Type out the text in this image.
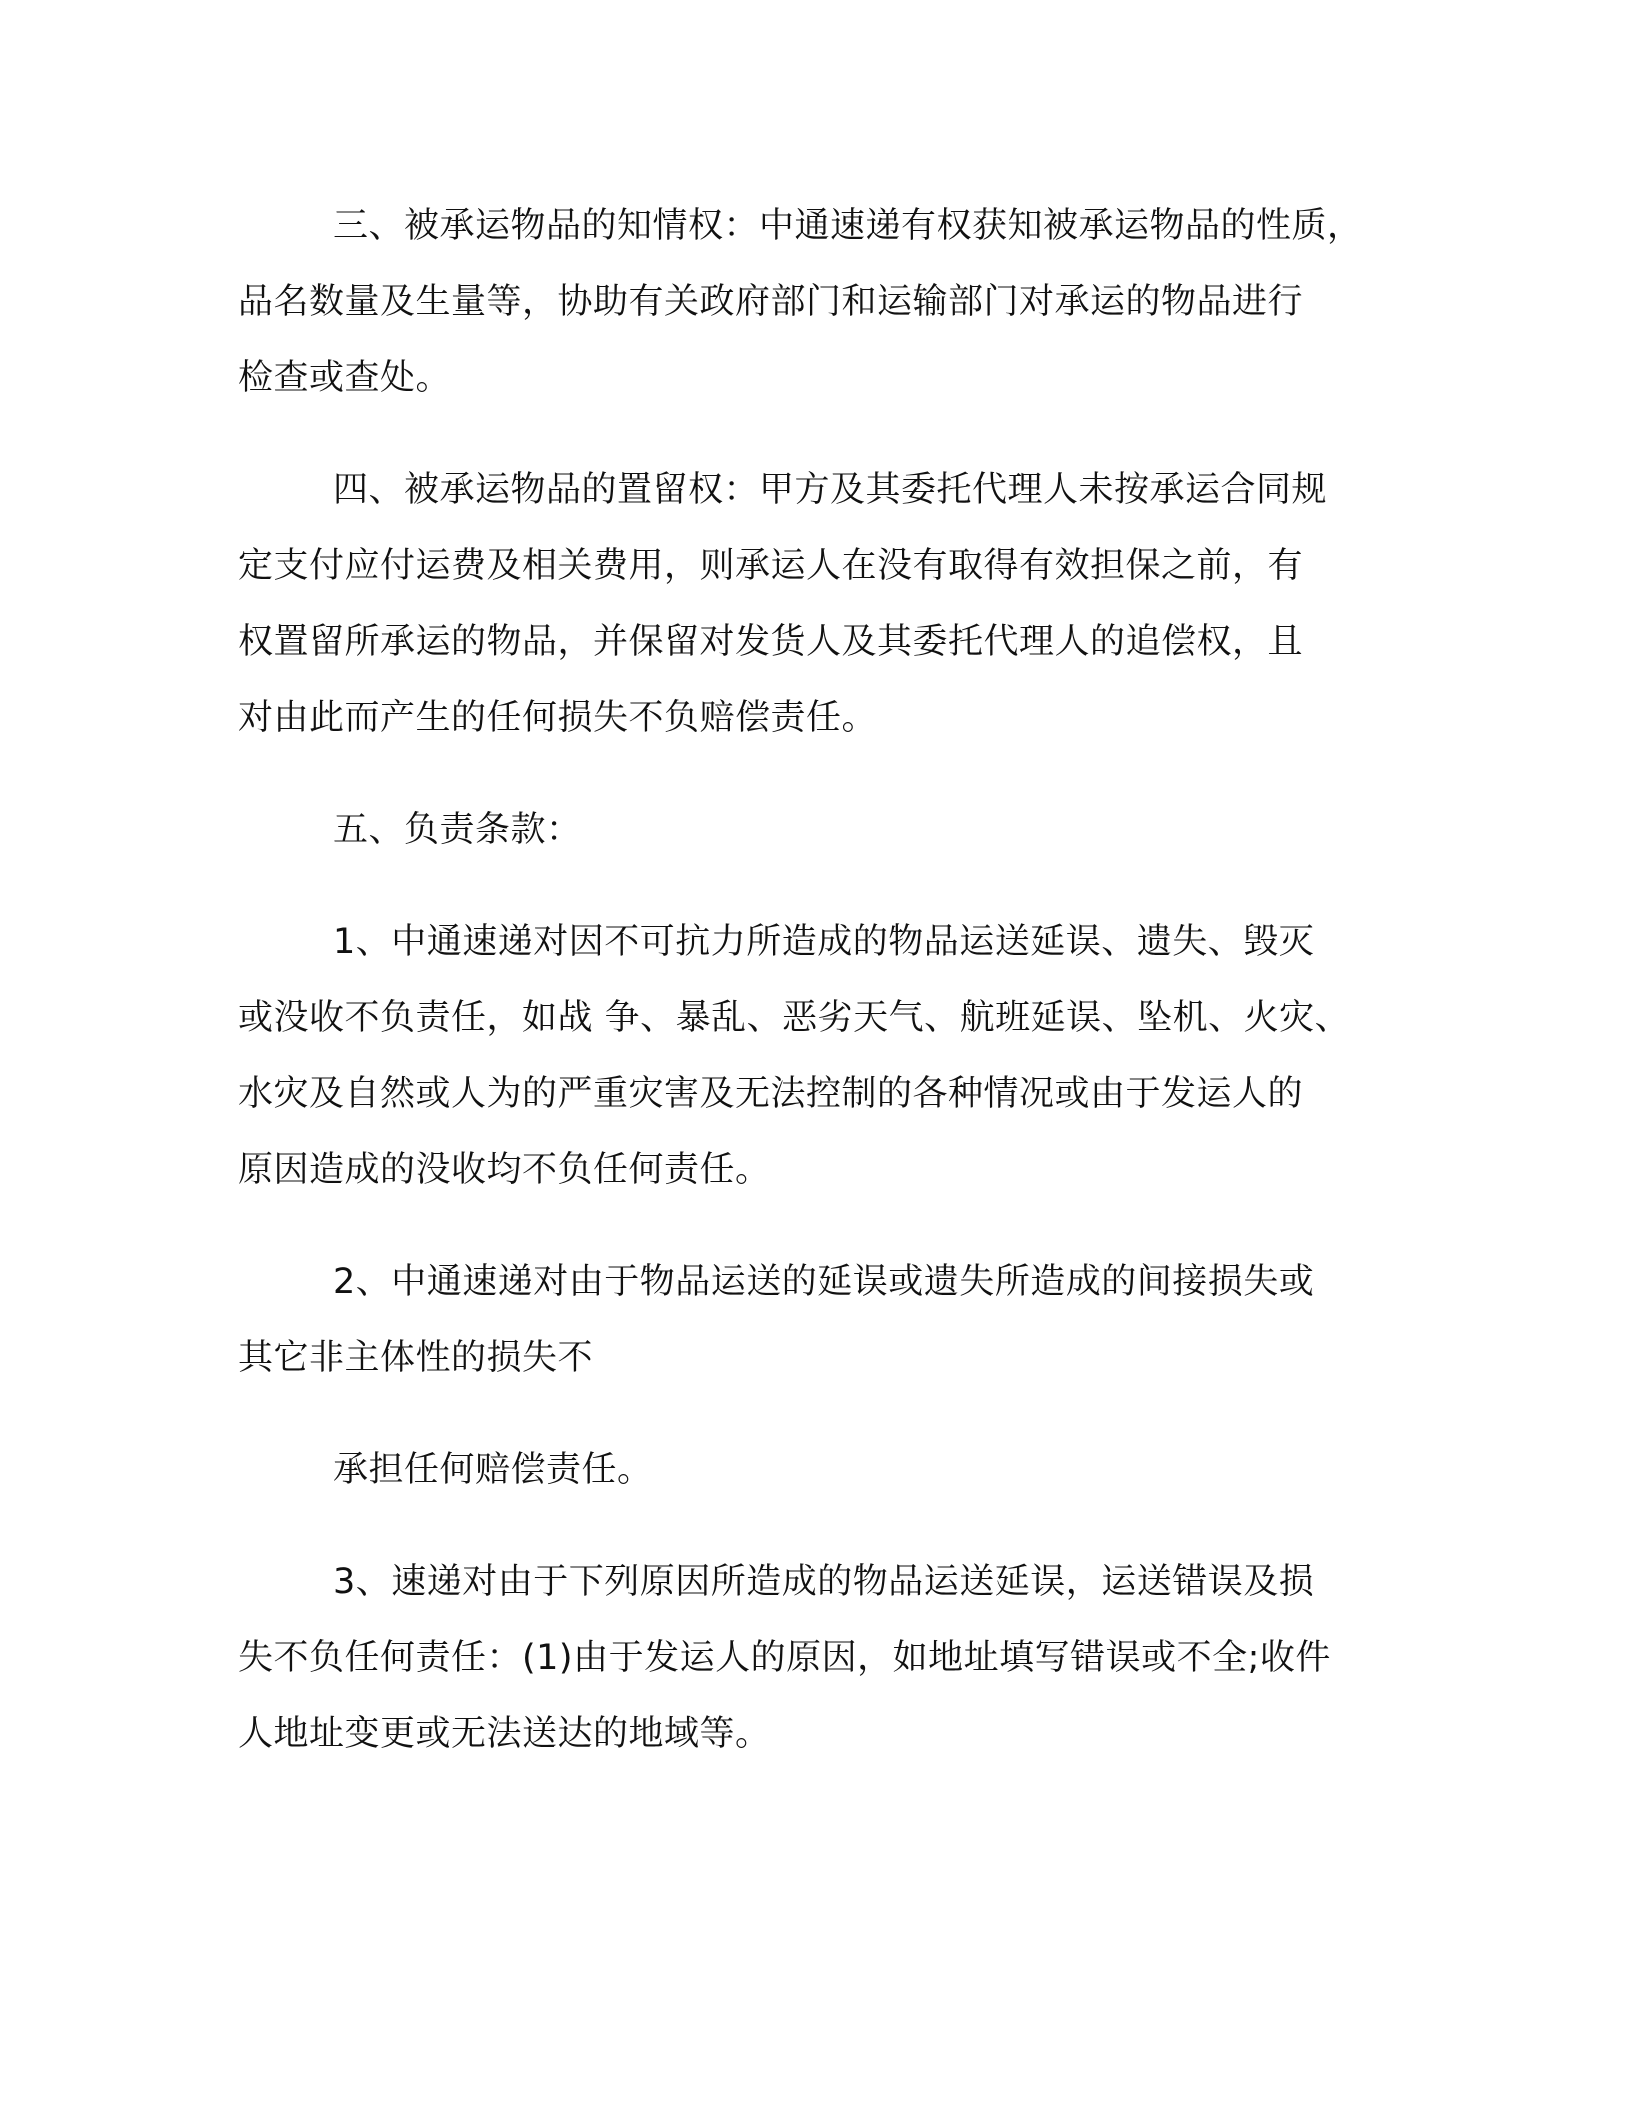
三、被承运物品的知情权：中通速递有权获知被承运物品的性质，
品名数量及生量等，协助有关政府部门和运输部门对承运的物品进行
检查或查处。

四、被承运物品的置留权：甲方及其委托代理人未按承运合同规
定支付应付运费及相关费用，则承运人在没有取得有效担保之前，有
权置留所承运的物品，并保留对发货人及其委托代理人的追偿权，且
对由此而产生的任何损失不负赔偿责任。

五、负责条款：

1、中通速递对因不可抗力所造成的物品运送延误、遗失、毁灭
或没收不负责任，如战 争、暴乱、恶劣天气、航班延误、坠机、火灾、
水灾及自然或人为的严重灾害及无法控制的各种情况或由于发运人的
原因造成的没收均不负任何责任。

2、中通速递对由于物品运送的延误或遗失所造成的间接损失或
其它非主体性的损失不

承担任何赔偿责任。

3、速递对由于下列原因所造成的物品运送延误，运送错误及损
失不负任何责任：(1)由于发运人的原因，如地址填写错误或不全;收件
人地址变更或无法送达的地域等。
